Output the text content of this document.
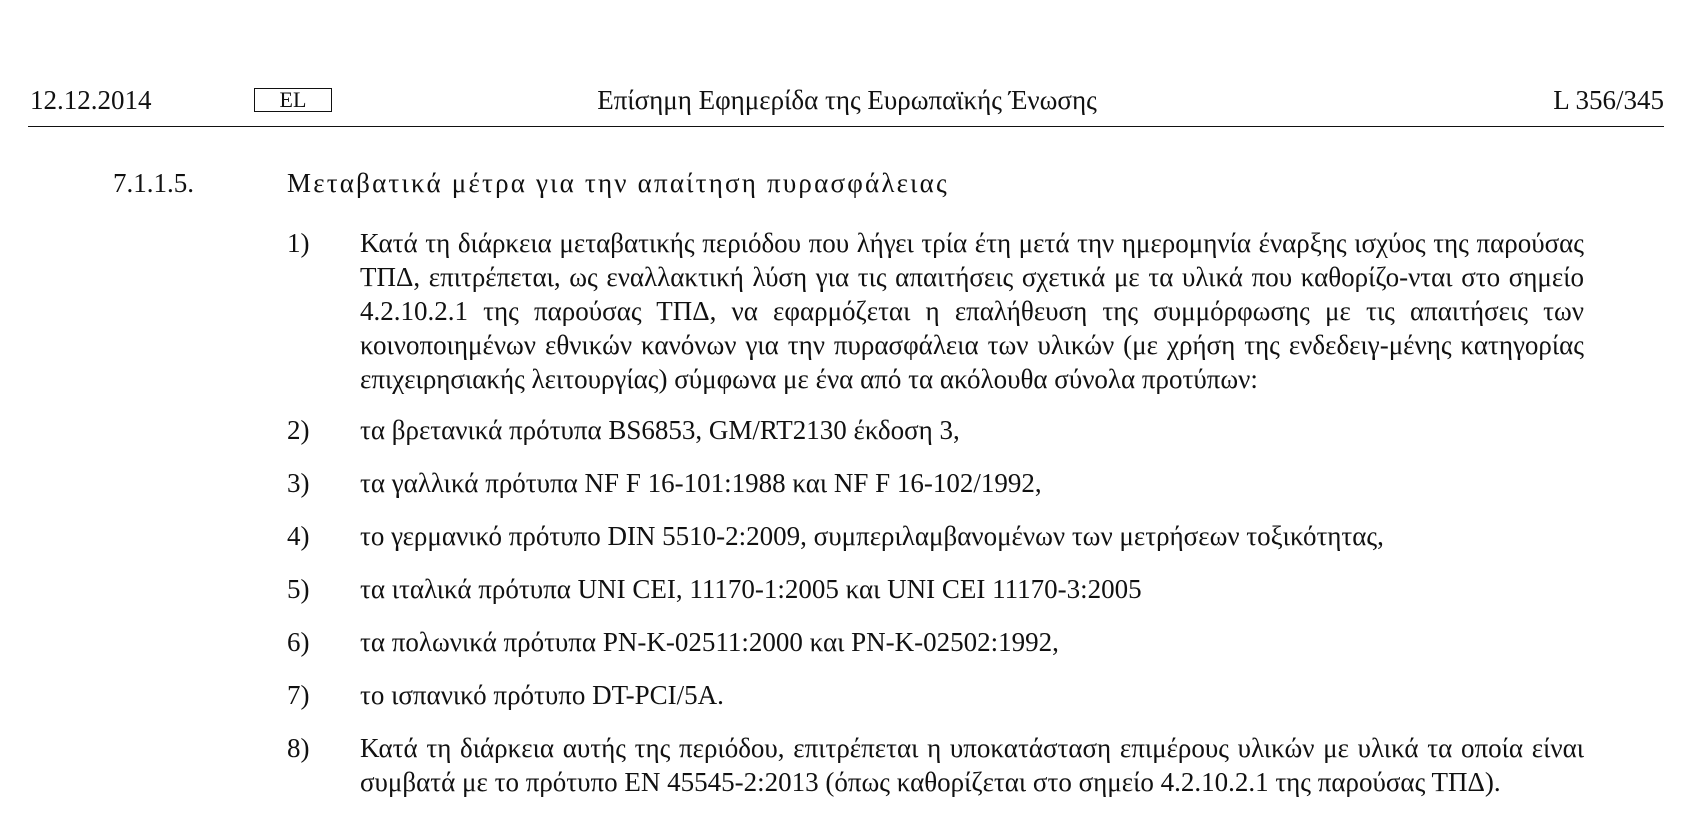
12.12.2014	EL	Επίσημη Εφημερίδα της Ευρωπαϊκής Ένωσης	L 356/345
7.1.1.5.	Μεταβατικά μέτρα για την απαίτηση πυρασφάλειας
1) Κατά τη διάρκεια μεταβατικής περιόδου που λήγει τρία έτη μετά την ημερομηνία έναρξης ισχύος της παρούσας ΤΠΔ, επιτρέπεται, ως εναλλακτική λύση για τις απαιτήσεις σχετικά με τα υλικά που καθορίζο-νται στο σημείο 4.2.10.2.1 της παρούσας ΤΠΔ, να εφαρμόζεται η επαλήθευση της συμμόρφωσης με τις απαιτήσεις των κοινοποιημένων εθνικών κανόνων για την πυρασφάλεια των υλικών (με χρήση της ενδεδειγ-μένης κατηγορίας επιχειρησιακής λειτουργίας) σύμφωνα με ένα από τα ακόλουθα σύνολα προτύπων:
2) τα βρετανικά πρότυπα BS6853, GM/RT2130 έκδοση 3,
3) τα γαλλικά πρότυπα NF F 16-101:1988 και NF F 16-102/1992,
4) το γερμανικό πρότυπο DIN 5510-2:2009, συμπεριλαμβανομένων των μετρήσεων τοξικότητας,
5) τα ιταλικά πρότυπα UNI CEI, 11170-1:2005 και UNI CEI 11170-3:2005
6) τα πολωνικά πρότυπα PN-K-02511:2000 και PN-K-02502:1992,
7) το ισπανικό πρότυπο DT-PCI/5A.
8) Κατά τη διάρκεια αυτής της περιόδου, επιτρέπεται η υποκατάσταση επιμέρους υλικών με υλικά τα οποία είναι συμβατά με το πρότυπο EN 45545-2:2013 (όπως καθορίζεται στο σημείο 4.2.10.2.1 της παρούσας ΤΠΔ).
